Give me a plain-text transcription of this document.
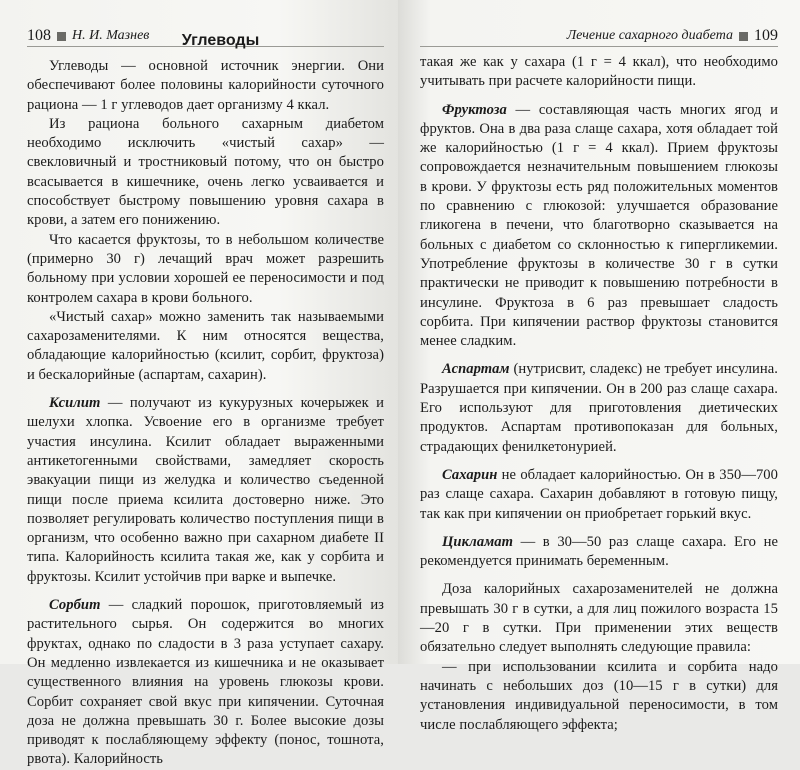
108 Н. И. Мазнев	Углеводы

Углеводы — основной источник энергии. Они обеспечивают более половины калорийности суточного рациона — 1 г углеводов дает организму 4 ккал.

Из рациона больного сахарным диабетом необходимо исключить «чистый сахар» — свекловичный и тростниковый потому, что он быстро всасывается в кишечнике, очень легко усваивается и способствует быстрому повышению уровня сахара в крови, а затем его понижению.

Что касается фруктозы, то в небольшом количестве (примерно 30 г) лечащий врач может разрешить больному при условии хорошей ее переносимости и под контролем сахара в крови больного.

«Чистый сахар» можно заменить так называемыми сахарозаменителями. К ним относятся вещества, обладающие калорийностью (ксилит, сорбит, фруктоза) и бескалорийные (аспартам, сахарин).

Ксилит — получают из кукурузных кочерыжек и шелухи хлопка. Усвоение его в организме требует участия инсулина. Ксилит обладает выраженными антикетогенными свойствами, замедляет скорость эвакуации пищи из желудка и количество съеденной пищи после приема ксилита достоверно ниже. Это позволяет регулировать количество поступления пищи в организм, что особенно важно при сахарном диабете II типа. Калорийность ксилита такая же, как у сорбита и фруктозы. Ксилит устойчив при варке и выпечке.

Сорбит — сладкий порошок, приготовляемый из растительного сырья. Он содержится во многих фруктах, однако по сладости в 3 раза уступает сахару. Он медленно извлекается из кишечника и не оказывает существенного влияния на уровень глюкозы крови. Сорбит сохраняет свой вкус при кипячении. Суточная доза не должна превышать 30 г. Более высокие дозы приводят к послабляющему эффекту (понос, тошнота, рвота). Калорийность

Лечение сахарного диабета 109

такая же как у сахара (1 г = 4 ккал), что необходимо учитывать при расчете калорийности пищи.

Фруктоза — составляющая часть многих ягод и фруктов. Она в два раза слаще сахара, хотя обладает той же калорийностью (1 г = 4 ккал). Прием фруктозы сопровождается незначительным повышением глюкозы в крови. У фруктозы есть ряд положительных моментов по сравнению с глюкозой: улучшается образование гликогена в печени, что благотворно сказывается на больных с диабетом со склонностью к гипергликемии. Употребление фруктозы в количестве 30 г в сутки практически не приводит к повышению потребности в инсулине. Фруктоза в 6 раз превышает сладость сорбита. При кипячении раствор фруктозы становится менее сладким.

Аспартам (нутрисвит, сладекс) не требует инсулина. Разрушается при кипячении. Он в 200 раз слаще сахара. Его используют для приготовления диетических продуктов. Аспартам противопоказан для больных, страдающих фенилкетонурией.

Сахарин не обладает калорийностью. Он в 350—700 раз слаще сахара. Сахарин добавляют в готовую пищу, так как при кипячении он приобретает горький вкус.

Цикламат — в 30—50 раз слаще сахара. Его не рекомендуется принимать беременным.

Доза калорийных сахарозаменителей не должна превышать 30 г в сутки, а для лиц пожилого возраста 15—20 г в сутки. При применении этих веществ обязательно следует выполнять следующие правила:

— при использовании ксилита и сорбита надо начинать с небольших доз (10—15 г в сутки) для установления индивидуальной переносимости, в том числе послабляющего эффекта;
